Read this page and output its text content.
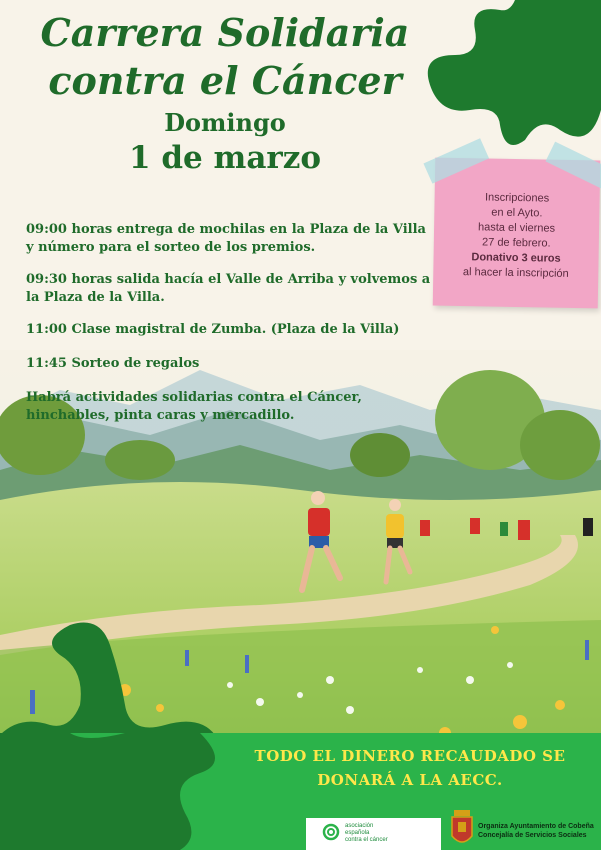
Carrera Solidaria
contra el Cáncer
Domingo
1 de marzo
09:00 horas entrega de mochilas en la Plaza de la Villa y número para el sorteo de los premios.
09:30 horas salida hacía el Valle de Arriba y volvemos a la Plaza de la Villa.
11:00 Clase magistral de Zumba. (Plaza de la Villa)
11:45 Sorteo de regalos
Habrá actividades solidarias contra el Cáncer, hinchables, pinta caras y mercadillo.
Inscripciones
en el Ayto.
hasta el viernes
27 de febrero.
Donativo 3 euros
al hacer la inscripción
TODO EL DINERO RECAUDADO SE
DONARÁ A LA AECC.
asociación
española
contra el cáncer
Organiza Ayuntamiento de Cobeña
Concejalía de Servicios Sociales
